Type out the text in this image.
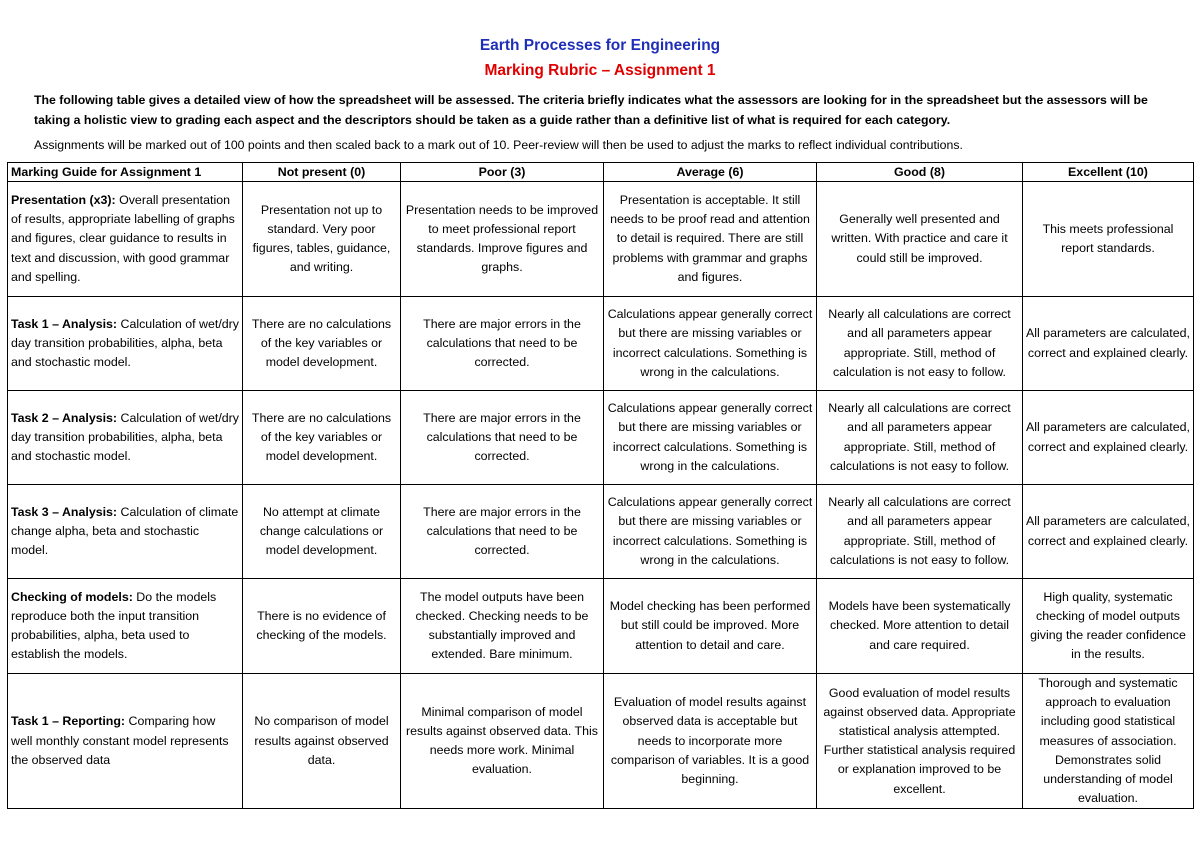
Earth Processes for Engineering
Marking Rubric – Assignment 1
The following table gives a detailed view of how the spreadsheet will be assessed. The criteria briefly indicates what the assessors are looking for in the spreadsheet but the assessors will be taking a holistic view to grading each aspect and the descriptors should be taken as a guide rather than a definitive list of what is required for each category.
Assignments will be marked out of 100 points and then scaled back to a mark out of 10. Peer-review will then be used to adjust the marks to reflect individual contributions.
Marking Guide for Assignment 1	Not present (0)	Poor (3)	Average (6)	Good (8)	Excellent (10)
Presentation (x3): Overall presentation of results, appropriate labelling of graphs and figures, clear guidance to results in text and discussion, with good grammar and spelling.	Presentation not up to standard. Very poor figures, tables, guidance, and writing.	Presentation needs to be improved to meet professional report standards. Improve figures and graphs.	Presentation is acceptable. It still needs to be proof read and attention to detail is required. There are still problems with grammar and graphs and figures.	Generally well presented and written. With practice and care it could still be improved.	This meets professional report standards.
Task 1 – Analysis: Calculation of wet/dry day transition probabilities, alpha, beta and stochastic model.	There are no calculations of the key variables or model development.	There are major errors in the calculations that need to be corrected.	Calculations appear generally correct but there are missing variables or incorrect calculations. Something is wrong in the calculations.	Nearly all calculations are correct and all parameters appear appropriate. Still, method of calculation is not easy to follow.	All parameters are calculated, correct and explained clearly.
Task 2 – Analysis: Calculation of wet/dry day transition probabilities, alpha, beta and stochastic model.	There are no calculations of the key variables or model development.	There are major errors in the calculations that need to be corrected.	Calculations appear generally correct but there are missing variables or incorrect calculations. Something is wrong in the calculations.	Nearly all calculations are correct and all parameters appear appropriate. Still, method of calculations is not easy to follow.	All parameters are calculated, correct and explained clearly.
Task 3 – Analysis: Calculation of climate change alpha, beta and stochastic model.	No attempt at climate change calculations or model development.	There are major errors in the calculations that need to be corrected.	Calculations appear generally correct but there are missing variables or incorrect calculations. Something is wrong in the calculations.	Nearly all calculations are correct and all parameters appear appropriate. Still, method of calculations is not easy to follow.	All parameters are calculated, correct and explained clearly.
Checking of models: Do the models reproduce both the input transition probabilities, alpha, beta used to establish the models.	There is no evidence of checking of the models.	The model outputs have been checked. Checking needs to be substantially improved and extended. Bare minimum.	Model checking has been performed but still could be improved. More attention to detail and care.	Models have been systematically checked. More attention to detail and care required.	High quality, systematic checking of model outputs giving the reader confidence in the results.
Task 1 – Reporting: Comparing how well monthly constant model represents the observed data	No comparison of model results against observed data.	Minimal comparison of model results against observed data. This needs more work. Minimal evaluation.	Evaluation of model results against observed data is acceptable but needs to incorporate more comparison of variables. It is a good beginning.	Good evaluation of model results against observed data. Appropriate statistical analysis attempted. Further statistical analysis required or explanation improved to be excellent.	Thorough and systematic approach to evaluation including good statistical measures of association. Demonstrates solid understanding of model evaluation.
